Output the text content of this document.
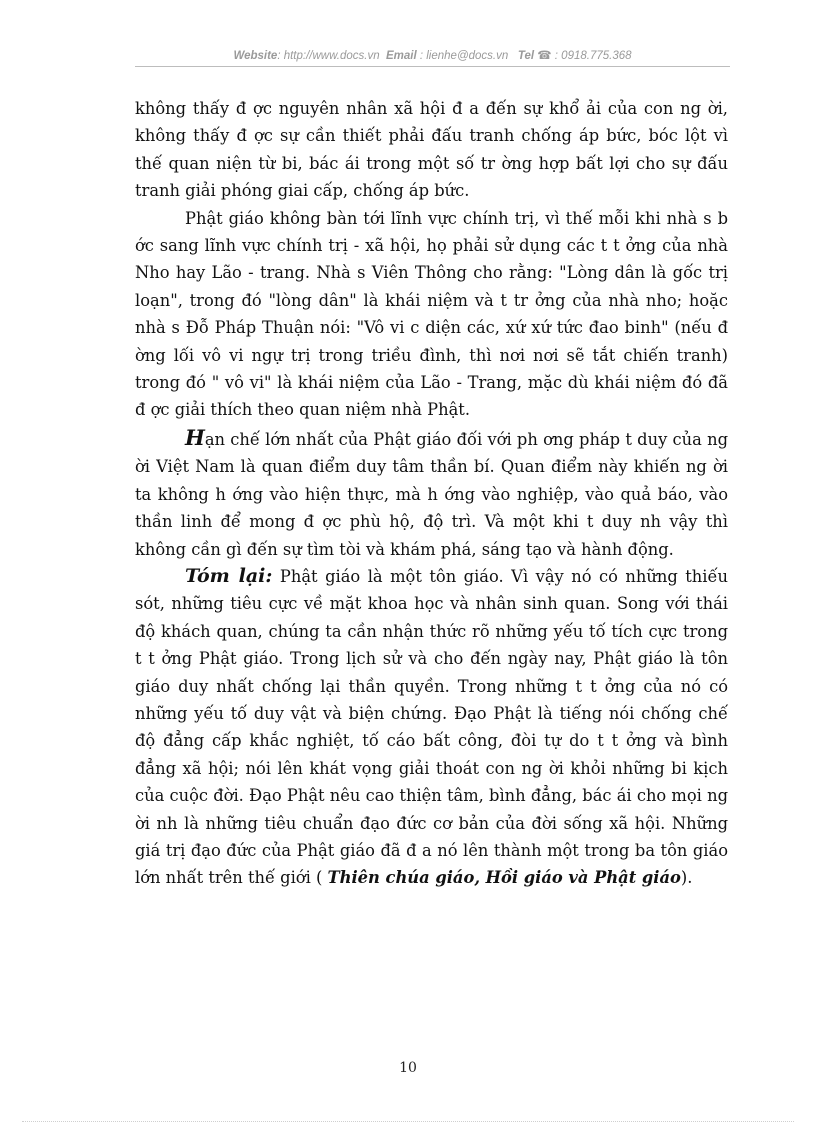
Website: http://www.docs.vn Email : lienhe@docs.vn Tel ☎ : 0918.775.368

không thấy đ ợc nguyên nhân xã hội đ a đến sự khổ ải của con ng ời, không thấy đ ợc sự cần thiết phải đấu tranh chống áp bức, bóc lột vì thế quan niện từ bi, bác ái trong một số tr ờng hợp bất lợi cho sự đấu tranh giải phóng giai cấp, chống áp bức.

Phật giáo không bàn tới lĩnh vực chính trị, vì thế mỗi khi nhà s b ớc sang lĩnh vực chính trị - xã hội, họ phải sử dụng các t t ởng của nhà Nho hay Lão - trang. Nhà s Viên Thông cho rằng: "Lòng dân là gốc trị loạn", trong đó "lòng dân" là khái niệm và t tr ởng của nhà nho; hoặc nhà s Đỗ Pháp Thuận nói: "Vô vi c diện các, xứ xứ tức đao binh" (nếu đ ờng lối vô vi ngự trị trong triều đình, thì nơi nơi sẽ tắt chiến tranh) trong đó " vô vi" là khái niệm của Lão - Trang, mặc dù khái niệm đó đã đ ợc giải thích theo quan niệm nhà Phật.

Hạn chế lớn nhất của Phật giáo đối với ph ơng pháp t duy của ng ời Việt Nam là quan điểm duy tâm thần bí. Quan điểm này khiến ng ời ta không h ớng vào hiện thực, mà h ớng vào nghiệp, vào quả báo, vào thần linh để mong đ ợc phù hộ, độ trì. Và một khi t duy nh vậy thì không cần gì đến sự tìm tòi và khám phá, sáng tạo và hành động.

Tóm lại: Phật giáo là một tôn giáo. Vì vậy nó có những thiếu sót, những tiêu cực về mặt khoa học và nhân sinh quan. Song với thái độ khách quan, chúng ta cần nhận thức rõ những yếu tố tích cực trong t t ởng Phật giáo. Trong lịch sử và cho đến ngày nay, Phật giáo là tôn giáo duy nhất chống lại thần quyền. Trong những t t ởng của nó có những yếu tố duy vật và biện chứng. Đạo Phật là tiếng nói chống chế độ đẳng cấp khắc nghiệt, tố cáo bất công, đòi tự do t t ởng và bình đẳng xã hội; nói lên khát vọng giải thoát con ng ời khỏi những bi kịch của cuộc đời. Đạo Phật nêu cao thiện tâm, bình đẳng, bác ái cho mọi ng ời nh là những tiêu chuẩn đạo đức cơ bản của đời sống xã hội. Những giá trị đạo đức của Phật giáo đã đ a nó lên thành một trong ba tôn giáo lớn nhất trên thế giới ( Thiên chúa giáo, Hồi giáo và Phật giáo).

10
